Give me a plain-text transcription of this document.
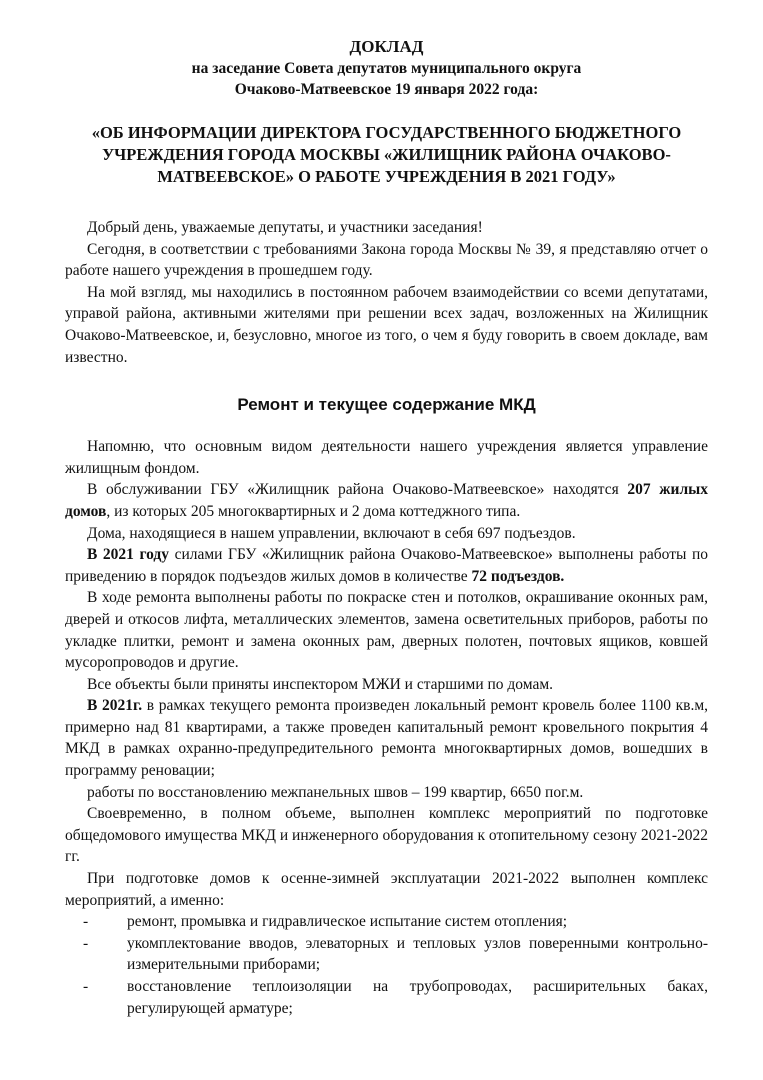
ДОКЛАД
на заседание Совета депутатов муниципального округа
Очаково-Матвеевское 19 января 2022 года:
«ОБ ИНФОРМАЦИИ ДИРЕКТОРА ГОСУДАРСТВЕННОГО БЮДЖЕТНОГО УЧРЕЖДЕНИЯ ГОРОДА МОСКВЫ «ЖИЛИЩНИК РАЙОНА ОЧАКОВО-МАТВЕЕВСКОЕ» О РАБОТЕ УЧРЕЖДЕНИЯ В 2021 ГОДУ»

Добрый день, уважаемые депутаты, и участники заседания!

Сегодня, в соответствии с требованиями Закона города Москвы № 39, я представляю отчет о работе нашего учреждения в прошедшем году.

На мой взгляд, мы находились в постоянном рабочем взаимодействии со всеми депутатами, управой района, активными жителями при решении всех задач, возложенных на Жилищник Очаково-Матвеевское, и, безусловно, многое из того, о чем я буду говорить в своем докладе, вам известно.

Ремонт и текущее содержание МКД

Напомню, что основным видом деятельности нашего учреждения является управление жилищным фондом.

В обслуживании ГБУ «Жилищник района Очаково-Матвеевское» находятся 207 жилых домов, из которых 205 многоквартирных и 2 дома коттеджного типа.

Дома, находящиеся в нашем управлении, включают в себя 697 подъездов.

В 2021 году силами ГБУ «Жилищник района Очаково-Матвеевское» выполнены работы по приведению в порядок подъездов жилых домов в количестве 72 подъездов.

В ходе ремонта выполнены работы по покраске стен и потолков, окрашивание оконных рам, дверей и откосов лифта, металлических элементов, замена осветительных приборов, работы по укладке плитки, ремонт и замена оконных рам, дверных полотен, почтовых ящиков, ковшей мусоропроводов и другие.

Все объекты были приняты инспектором МЖИ и старшими по домам.

В 2021г. в рамках текущего ремонта произведен локальный ремонт кровель более 1100 кв.м, примерно над 81 квартирами, а также проведен капитальный ремонт кровельного покрытия 4 МКД в рамках охранно-предупредительного ремонта многоквартирных домов, вошедших в программу реновации;

работы по восстановлению межпанельных швов – 199 квартир, 6650 пог.м.

Своевременно, в полном объеме, выполнен комплекс мероприятий по подготовке общедомового имущества МКД и инженерного оборудования к отопительному сезону 2021-2022 гг.

При подготовке домов к осенне-зимней эксплуатации 2021-2022 выполнен комплекс мероприятий, а именно:

-	ремонт, промывка и гидравлическое испытание систем отопления;
-	укомплектование вводов, элеваторных и тепловых узлов поверенными контрольно-измерительными приборами;
-	восстановление теплоизоляции на трубопроводах, расширительных баках, регулирующей арматуре;
